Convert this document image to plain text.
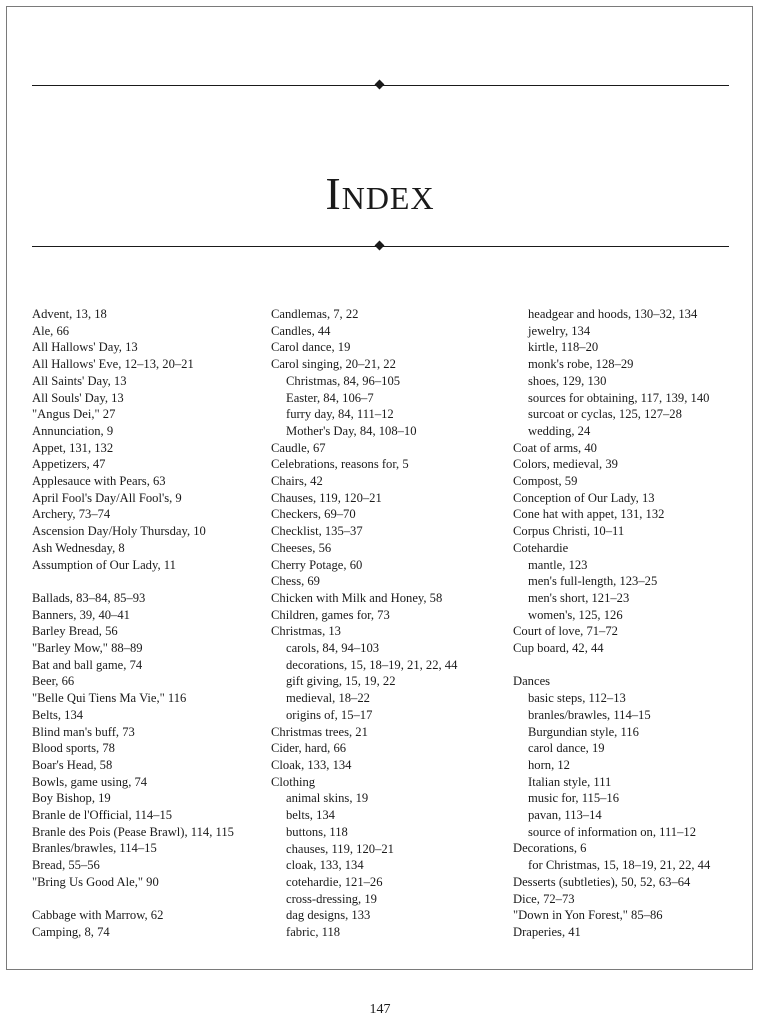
Index
Advent, 13, 18
Ale, 66
All Hallows' Day, 13
All Hallows' Eve, 12–13, 20–21
All Saints' Day, 13
All Souls' Day, 13
"Angus Dei," 27
Annunciation, 9
Appet, 131, 132
Appetizers, 47
Applesauce with Pears, 63
April Fool's Day/All Fool's, 9
Archery, 73–74
Ascension Day/Holy Thursday, 10
Ash Wednesday, 8
Assumption of Our Lady, 11
Ballads, 83–84, 85–93
Banners, 39, 40–41
Barley Bread, 56
"Barley Mow," 88–89
Bat and ball game, 74
Beer, 66
"Belle Qui Tiens Ma Vie," 116
Belts, 134
Blind man's buff, 73
Blood sports, 78
Boar's Head, 58
Bowls, game using, 74
Boy Bishop, 19
Branle de l'Official, 114–15
Branle des Pois (Pease Brawl), 114, 115
Branles/brawles, 114–15
Bread, 55–56
"Bring Us Good Ale," 90
Cabbage with Marrow, 62
Camping, 8, 74
Candlemas, 7, 22
Candles, 44
Carol dance, 19
Carol singing, 20–21, 22
Christmas, 84, 96–105
Easter, 84, 106–7
furry day, 84, 111–12
Mother's Day, 84, 108–10
Caudle, 67
Celebrations, reasons for, 5
Chairs, 42
Chauses, 119, 120–21
Checkers, 69–70
Checklist, 135–37
Cheeses, 56
Cherry Potage, 60
Chess, 69
Chicken with Milk and Honey, 58
Children, games for, 73
Christmas, 13
carols, 84, 94–103
decorations, 15, 18–19, 21, 22, 44
gift giving, 15, 19, 22
medieval, 18–22
origins of, 15–17
Christmas trees, 21
Cider, hard, 66
Cloak, 133, 134
Clothing
animal skins, 19
belts, 134
buttons, 118
chauses, 119, 120–21
cloak, 133, 134
cotehardie, 121–26
cross-dressing, 19
dag designs, 133
fabric, 118
headgear and hoods, 130–32, 134
jewelry, 134
kirtle, 118–20
monk's robe, 128–29
shoes, 129, 130
sources for obtaining, 117, 139, 140
surcoat or cyclas, 125, 127–28
wedding, 24
Coat of arms, 40
Colors, medieval, 39
Compost, 59
Conception of Our Lady, 13
Cone hat with appet, 131, 132
Corpus Christi, 10–11
Cotehardie
mantle, 123
men's full-length, 123–25
men's short, 121–23
women's, 125, 126
Court of love, 71–72
Cup board, 42, 44
Dances
basic steps, 112–13
branles/brawles, 114–15
Burgundian style, 116
carol dance, 19
horn, 12
Italian style, 111
music for, 115–16
pavan, 113–14
source of information on, 111–12
Decorations, 6
for Christmas, 15, 18–19, 21, 22, 44
Desserts (subtleties), 50, 52, 63–64
Dice, 72–73
"Down in Yon Forest," 85–86
Draperies, 41
147
